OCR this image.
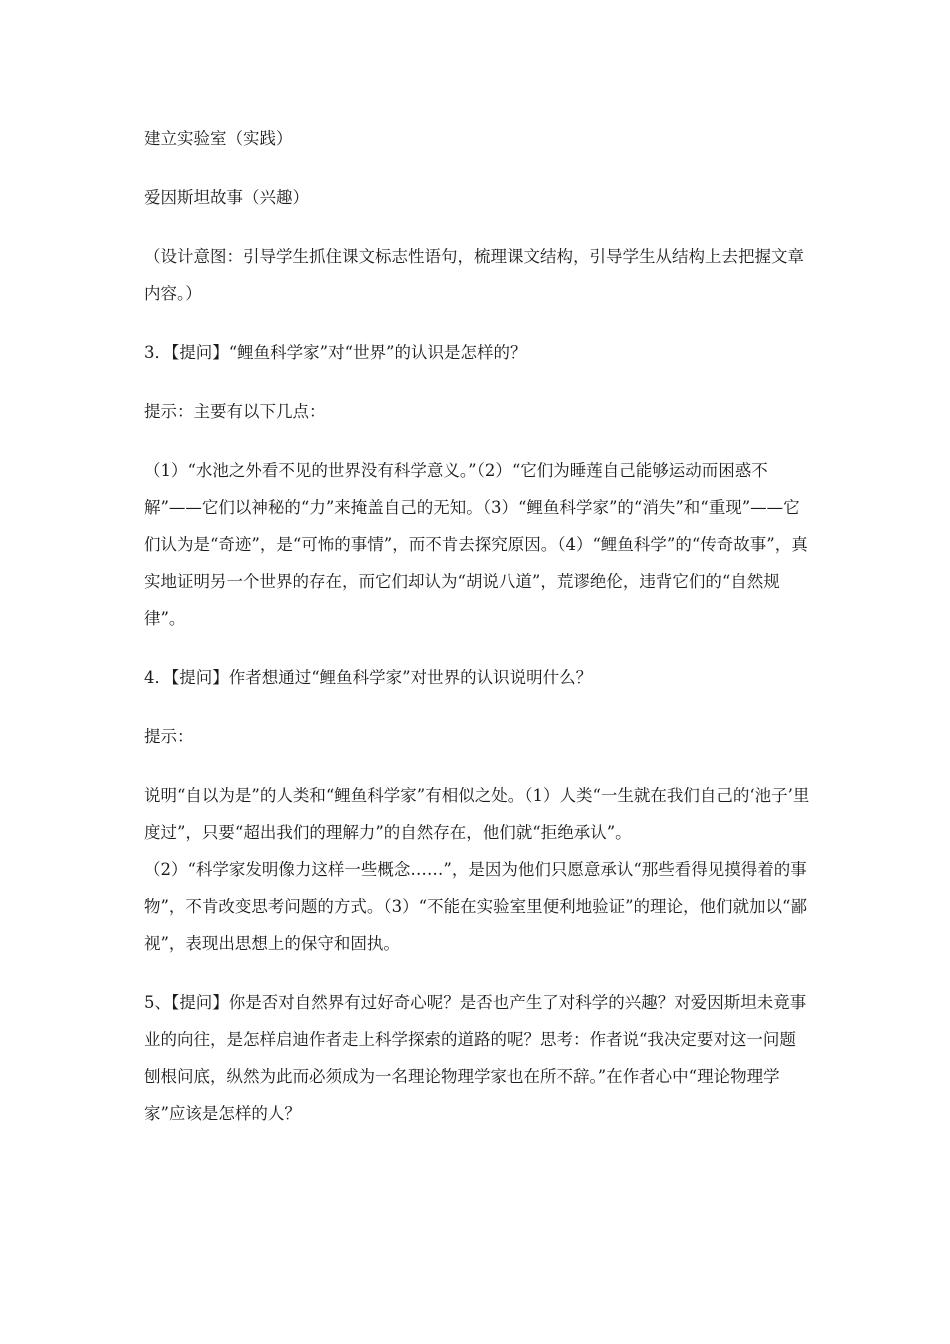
建立实验室（实践）

爱因斯坦故事（兴趣）

（设计意图：引导学生抓住课文标志性语句，梳理课文结构，引导学生从结构上去把握文章内容。）

3．【提问】“鲤鱼科学家”对“世界”的认识是怎样的？

提示：主要有以下几点：

（1）“水池之外看不见的世界没有科学意义。”（2）“它们为睡莲自己能够运动而困惑不解”——它们以神秘的“力”来掩盖自己的无知。（3）“鲤鱼科学家”的“消失”和“重现”——它们认为是“奇迹”，是“可怖的事情”，而不肯去探究原因。（4）“鲤鱼科学”的“传奇故事”，真实地证明另一个世界的存在，而它们却认为“胡说八道”，荒谬绝伦，违背它们的“自然规律”。

4．【提问】作者想通过“鲤鱼科学家”对世界的认识说明什么？

提示：

说明“自以为是”的人类和“鲤鱼科学家”有相似之处。（1）人类“一生就在我们自己的‘池子’里度过”，只要“超出我们的理解力”的自然存在，他们就“拒绝承认”。

（2）“科学家发明像力这样一些概念……”，是因为他们只愿意承认“那些看得见摸得着的事物”，不肯改变思考问题的方式。（3）“不能在实验室里便利地验证”的理论，他们就加以“鄙视”，表现出思想上的保守和固执。

5、【提问】你是否对自然界有过好奇心呢？是否也产生了对科学的兴趣？对爱因斯坦未竟事业的向往，是怎样启迪作者走上科学探索的道路的呢？思考：作者说“我决定要对这一问题刨根问底，纵然为此而必须成为一名理论物理学家也在所不辞。”在作者心中“理论物理学家”应该是怎样的人？
